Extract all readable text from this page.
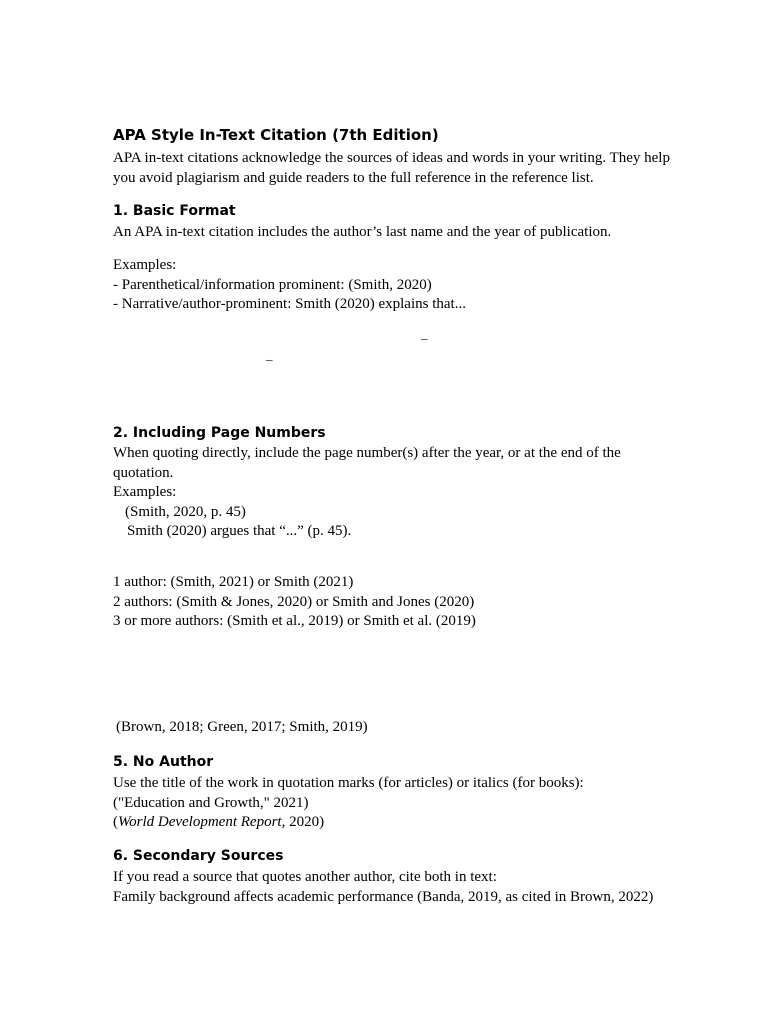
APA Style In-Text Citation (7th Edition)
APA in-text citations acknowledge the sources of ideas and words in your writing. They help
you avoid plagiarism and guide readers to the full reference in the reference list.
1. Basic Format
An APA in-text citation includes the author’s last name and the year of publication.
Examples:
- Parenthetical/information prominent: (Smith, 2020)
- Narrative/author-prominent: Smith (2020) explains that...
_
_
2. Including Page Numbers
When quoting directly, include the page number(s) after the year, or at the end of the
quotation.
Examples:
(Smith, 2020, p. 45)
Smith (2020) argues that “...” (p. 45).
1 author: (Smith, 2021) or Smith (2021)
2 authors: (Smith & Jones, 2020) or Smith and Jones (2020)
3 or more authors: (Smith et al., 2019) or Smith et al. (2019)
(Brown, 2018; Green, 2017; Smith, 2019)
5. No Author
Use the title of the work in quotation marks (for articles) or italics (for books):
("Education and Growth," 2021)
(World Development Report, 2020)
6. Secondary Sources
If you read a source that quotes another author, cite both in text:
Family background affects academic performance (Banda, 2019, as cited in Brown, 2022)
